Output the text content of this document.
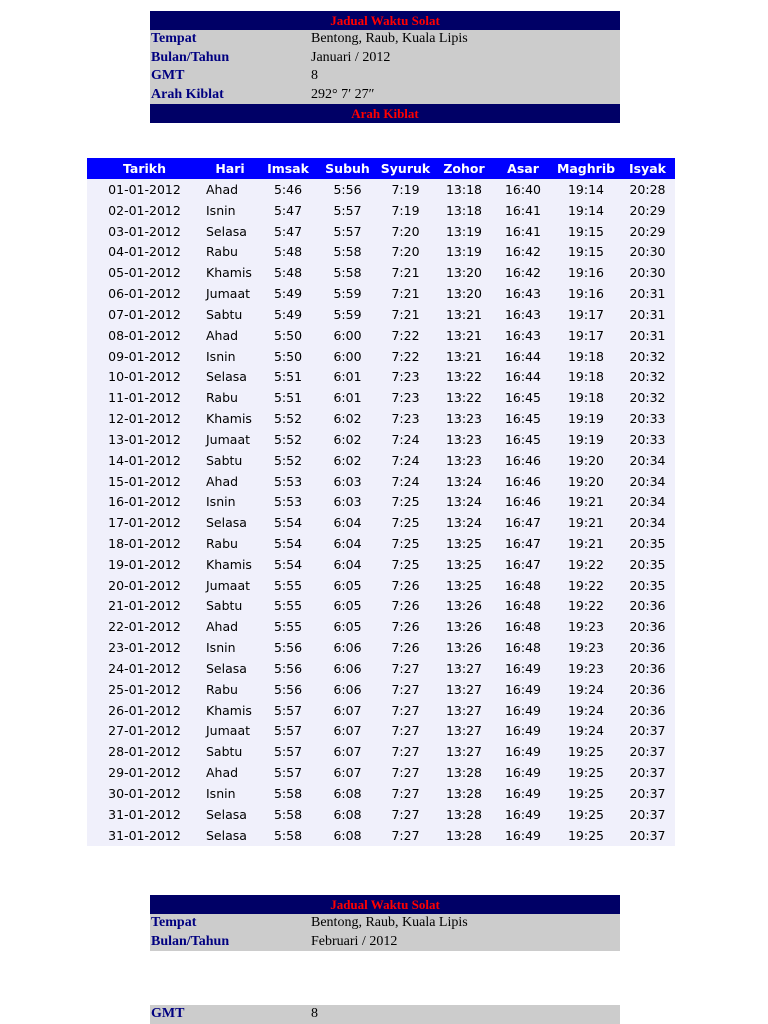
Jadual Waktu Solat
Tempat	Bentong, Raub, Kuala Lipis
Bulan/Tahun	Januari / 2012
GMT	8
Arah Kiblat	292° 7′ 27″
Arah Kiblat
Tarikh	Hari	Imsak	Subuh	Syuruk	Zohor	Asar	Maghrib	Isyak
01-01-2012	Ahad	5:46	5:56	7:19	13:18	16:40	19:14	20:28
02-01-2012	Isnin	5:47	5:57	7:19	13:18	16:41	19:14	20:29
03-01-2012	Selasa	5:47	5:57	7:20	13:19	16:41	19:15	20:29
04-01-2012	Rabu	5:48	5:58	7:20	13:19	16:42	19:15	20:30
05-01-2012	Khamis	5:48	5:58	7:21	13:20	16:42	19:16	20:30
06-01-2012	Jumaat	5:49	5:59	7:21	13:20	16:43	19:16	20:31
07-01-2012	Sabtu	5:49	5:59	7:21	13:21	16:43	19:17	20:31
08-01-2012	Ahad	5:50	6:00	7:22	13:21	16:43	19:17	20:31
09-01-2012	Isnin	5:50	6:00	7:22	13:21	16:44	19:18	20:32
10-01-2012	Selasa	5:51	6:01	7:23	13:22	16:44	19:18	20:32
11-01-2012	Rabu	5:51	6:01	7:23	13:22	16:45	19:18	20:32
12-01-2012	Khamis	5:52	6:02	7:23	13:23	16:45	19:19	20:33
13-01-2012	Jumaat	5:52	6:02	7:24	13:23	16:45	19:19	20:33
14-01-2012	Sabtu	5:52	6:02	7:24	13:23	16:46	19:20	20:34
15-01-2012	Ahad	5:53	6:03	7:24	13:24	16:46	19:20	20:34
16-01-2012	Isnin	5:53	6:03	7:25	13:24	16:46	19:21	20:34
17-01-2012	Selasa	5:54	6:04	7:25	13:24	16:47	19:21	20:34
18-01-2012	Rabu	5:54	6:04	7:25	13:25	16:47	19:21	20:35
19-01-2012	Khamis	5:54	6:04	7:25	13:25	16:47	19:22	20:35
20-01-2012	Jumaat	5:55	6:05	7:26	13:25	16:48	19:22	20:35
21-01-2012	Sabtu	5:55	6:05	7:26	13:26	16:48	19:22	20:36
22-01-2012	Ahad	5:55	6:05	7:26	13:26	16:48	19:23	20:36
23-01-2012	Isnin	5:56	6:06	7:26	13:26	16:48	19:23	20:36
24-01-2012	Selasa	5:56	6:06	7:27	13:27	16:49	19:23	20:36
25-01-2012	Rabu	5:56	6:06	7:27	13:27	16:49	19:24	20:36
26-01-2012	Khamis	5:57	6:07	7:27	13:27	16:49	19:24	20:36
27-01-2012	Jumaat	5:57	6:07	7:27	13:27	16:49	19:24	20:37
28-01-2012	Sabtu	5:57	6:07	7:27	13:27	16:49	19:25	20:37
29-01-2012	Ahad	5:57	6:07	7:27	13:28	16:49	19:25	20:37
30-01-2012	Isnin	5:58	6:08	7:27	13:28	16:49	19:25	20:37
31-01-2012	Selasa	5:58	6:08	7:27	13:28	16:49	19:25	20:37
31-01-2012	Selasa	5:58	6:08	7:27	13:28	16:49	19:25	20:37
Jadual Waktu Solat
Tempat	Bentong, Raub, Kuala Lipis
Bulan/Tahun	Februari / 2012
GMT	8
